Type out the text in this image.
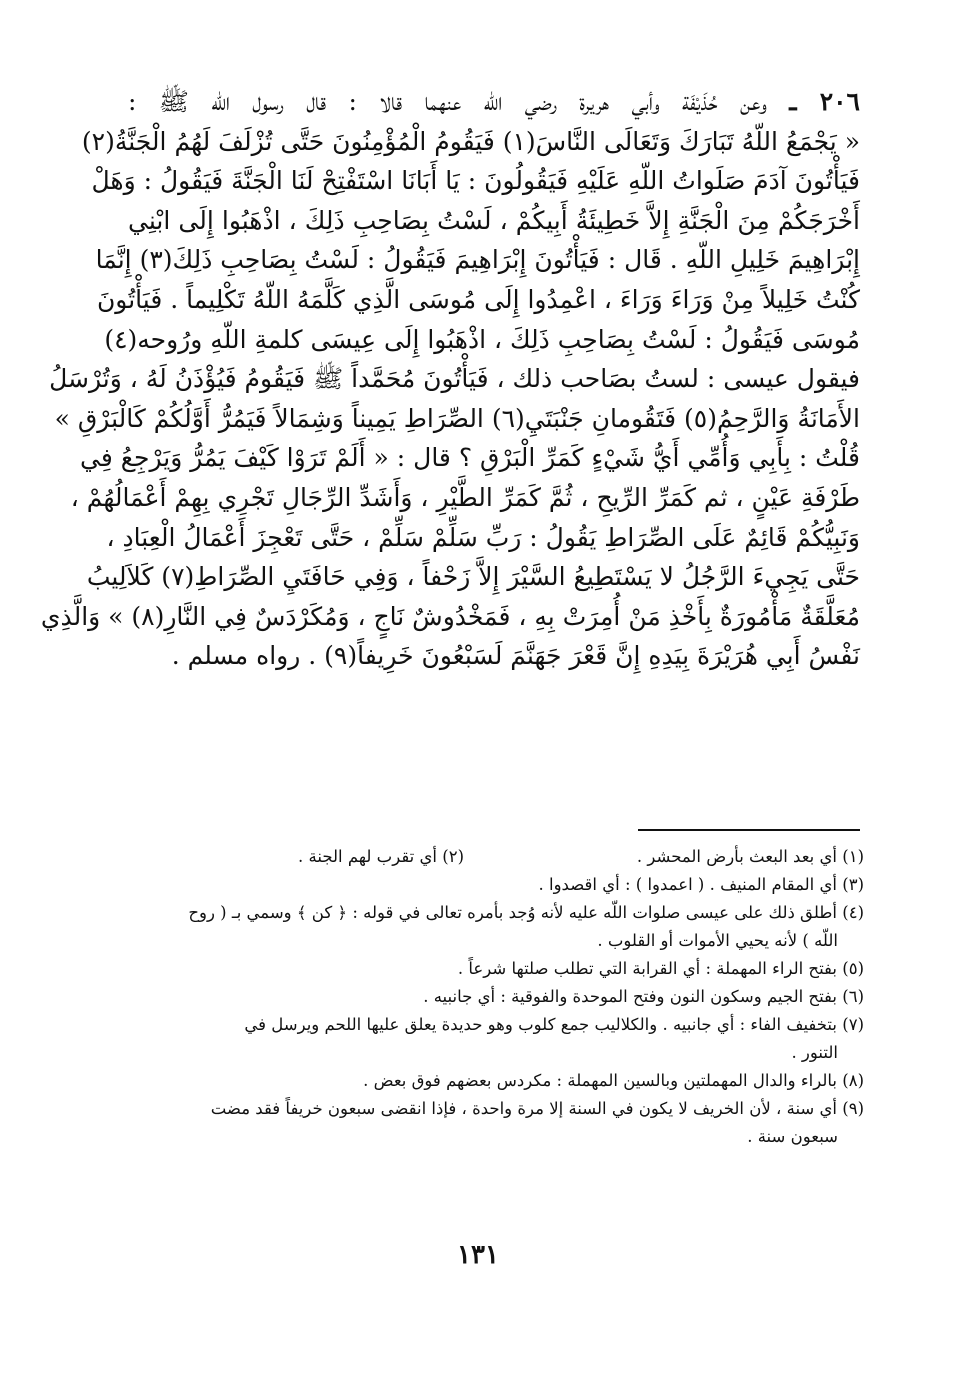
٢٠٦ ـ وعن حُذَيْفَة وأبي هريرة رضي اللّه عنهما قالا : قال رسول اللّه ﷺ :
« يَجْمَعُ اللّهُ تَبَارَكَ وَتَعَالَى النَّاسَ(١) فَيَقُومُ الْمُؤْمِنُونَ حَتَّى تُزْلَفَ لَهُمُ الْجَنَّةُ(٢)
فَيَأْتُونَ آدَمَ صَلَواتُ اللّهِ عَلَيْهِ فَيَقُولُونَ : يَا أَبَانَا اسْتَفْتِحْ لَنَا الْجَنَّةَ فَيَقُولُ : وَهَلْ
أَخْرَجَكُمْ مِنَ الْجَنَّةِ إِلاَّ خَطِيئَةُ أَبِيكُمْ ، لَسْتُ بِصَاحِبِ ذَلِكَ ، اذْهَبُوا إِلَى ابْنِي
إِبْرَاهِيمَ خَلِيلِ اللّهِ . قَال : فَيَأْتُونَ إِبْرَاهِيمَ فَيَقُولُ : لَسْتُ بِصَاحِبِ ذَلِكَ(٣) إِنَّمَا
كُنْتُ خَلِيلاً مِنْ وَرَاءَ وَرَاءَ ، اعْمِدُوا إِلَى مُوسَى الَّذِي كَلَّمَهُ اللّهُ تَكْلِيماً . فَيَأْتُونَ
مُوسَى فَيَقُولُ : لَسْتُ بِصَاحِبِ ذَلِكَ ، اذْهَبُوا إِلَى عِيسَى كلمةِ اللّهِ ورُوحه(٤)
فيقول عيسى : لستُ بصَاحب ذلك ، فَيَأْتُونَ مُحَمَّداً ﷺ فَيَقُومُ فَيُؤْذَنُ لَهُ ، وَتُرْسَلُ
الأَمَانَةُ وَالرَّحِمُ(٥) فَتَقُومانِ جَنْبَتَيِ(٦) الصِّرَاطِ يَمِيناً وَشِمَالاً فَيَمُرُّ أَوَّلُكُمْ كَالْبَرْقِ »
قُلْتُ : بِأَبِي وَأُمِّي أَيُّ شَيْءٍ كَمَرِّ الْبَرْقِ ؟ قال : « أَلَمْ تَرَوْا كَيْفَ يَمُرُّ وَيَرْجِعُ فِي
طَرْفَةِ عَيْنٍ ، ثم كَمَرِّ الرِّيحِ ، ثُمَّ كَمَرِّ الطَّيْرِ ، وَأَشَدِّ الرِّجَالِ تَجْرِي بِهِمْ أَعْمَالُهُمْ ،
وَنَبِيُّكُمْ قَائِمٌ عَلَى الصِّرَاطِ يَقُولُ : رَبِّ سَلِّمْ سَلِّمْ ، حَتَّى تَعْجِزَ أَعْمَالُ الْعِبَادِ ،
حَتَّى يَجِيءَ الرَّجُلُ لا يَسْتَطِيعُ السَّيْرَ إِلاَّ زَحْفاً ، وَفِي حَافَتَيِ الصِّرَاطِ(٧) كَلاَلِيبُ
مُعَلَّقَةٌ مَأْمُورَةٌ بِأَخْذِ مَنْ أُمِرَتْ بِهِ ، فَمَخْدُوشٌ نَاجٍ ، وَمُكَرْدَسٌ فِي النَّارِ(٨) » وَالَّذِي
نَفْسُ أَبِي هُرَيْرَةَ بِيَدِهِ إِنَّ قَعْرَ جَهَنَّمَ لَسَبْعُونَ خَرِيفاً(٩) . رواه مسلم .
(١) أي بعد البعث بأرض المحشر .
(٢) أي تقرب لهم الجنة .
(٣) أي المقام المنيف . ( اعمدوا ) : أي اقصدوا .
(٤) أطلق ذلك على عيسى صلوات اللّه عليه لأنه وُجد بأمره تعالى في قوله : ﴿ كن ﴾ وسمي بـ ( روح
اللّه ) لأنه يحيي الأموات أو القلوب .
(٥) بفتح الراء المهملة : أي القرابة التي تطلب صلتها شرعاً .
(٦) بفتح الجيم وسكون النون وفتح الموحدة والفوقية : أي جانبيه .
(٧) بتخفيف الفاء : أي جانبيه . والكلاليب جمع كلوب وهو حديدة يعلق عليها اللحم ويرسل في
التنور .
(٨) بالراء والدال المهملتين وبالسين المهملة : مكردس بعضهم فوق بعض .
(٩) أي سنة ، لأن الخريف لا يكون في السنة إلا مرة واحدة ، فإذا انقضى سبعون خريفاً فقد مضت
سبعون سنة .
١٣١
